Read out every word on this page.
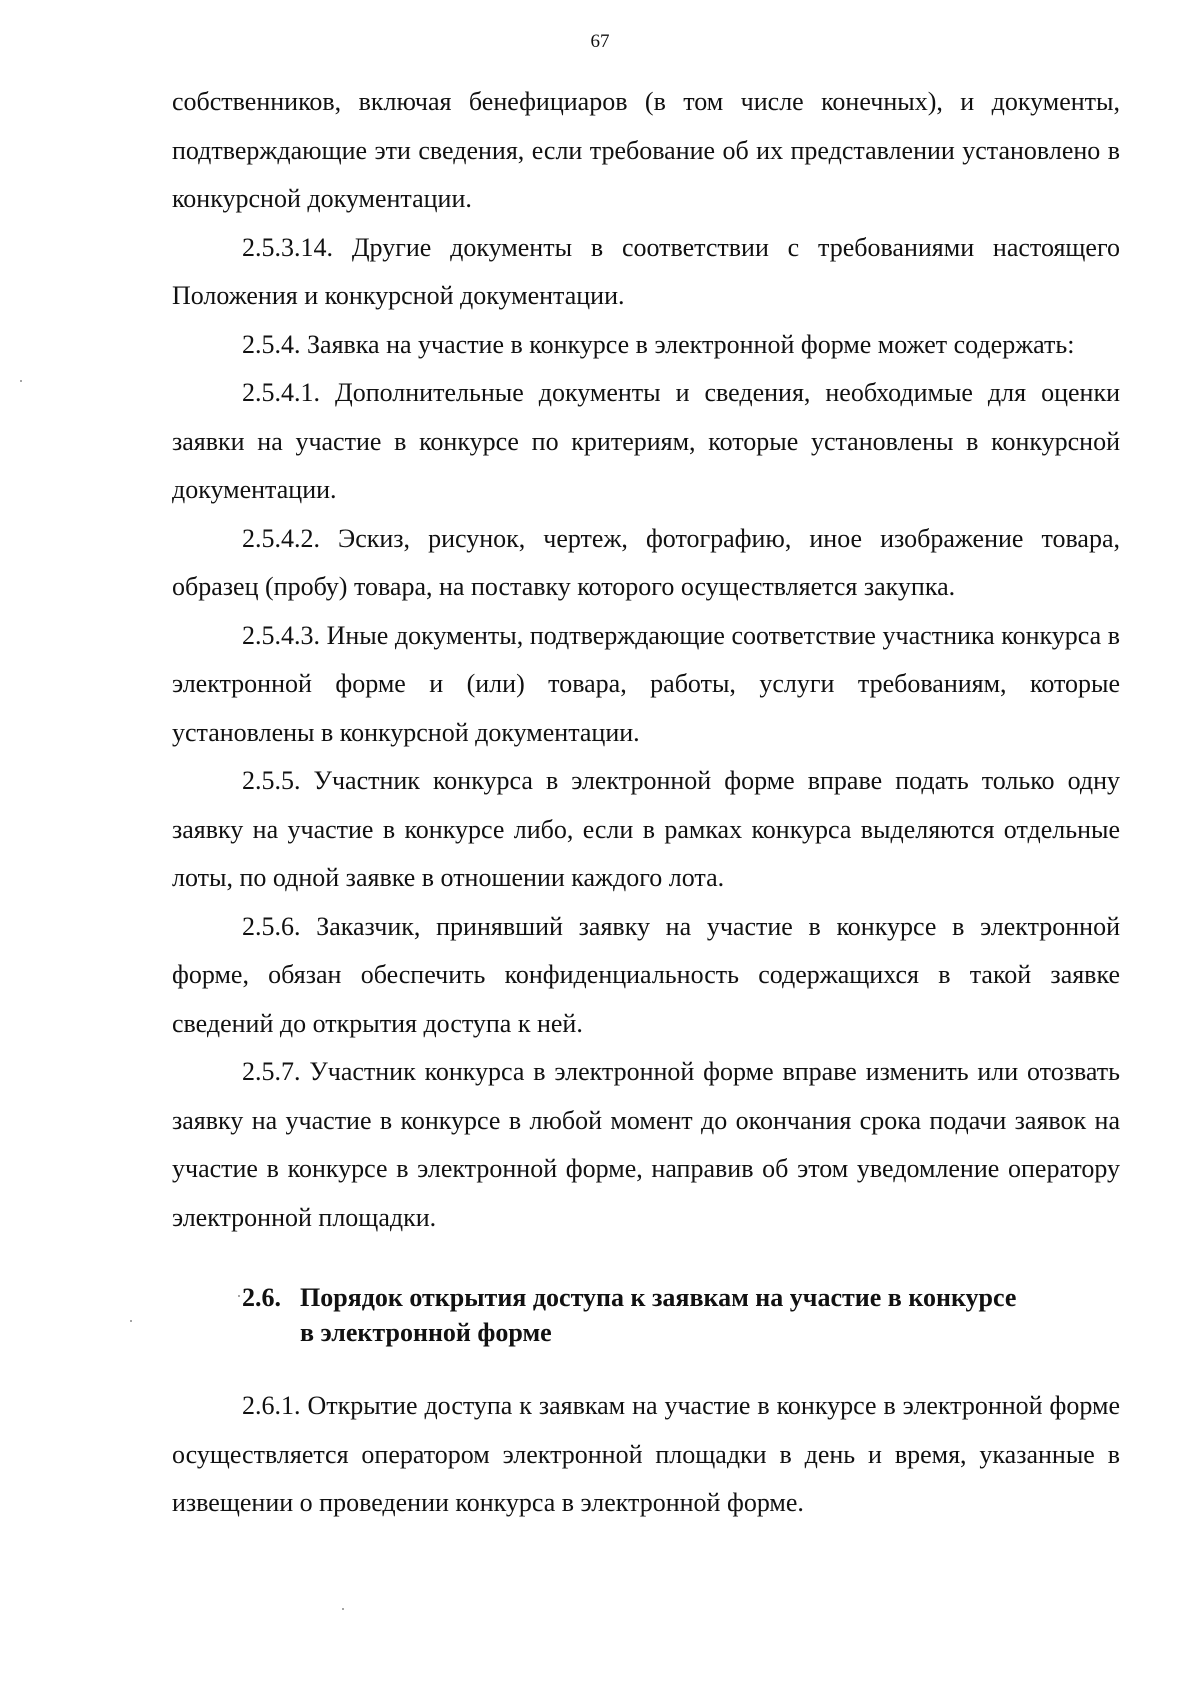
67

собственников, включая бенефициаров (в том числе конечных), и документы, подтверждающие эти сведения, если требование об их представлении установлено в конкурсной документации.

2.5.3.14. Другие документы в соответствии с требованиями настоящего Положения и конкурсной документации.

2.5.4. Заявка на участие в конкурсе в электронной форме может содержать:

2.5.4.1. Дополнительные документы и сведения, необходимые для оценки заявки на участие в конкурсе по критериям, которые установлены в конкурсной документации.

2.5.4.2. Эскиз, рисунок, чертеж, фотографию, иное изображение товара, образец (пробу) товара, на поставку которого осуществляется закупка.

2.5.4.3. Иные документы, подтверждающие соответствие участника конкурса в электронной форме и (или) товара, работы, услуги требованиям, которые установлены в конкурсной документации.

2.5.5. Участник конкурса в электронной форме вправе подать только одну заявку на участие в конкурсе либо, если в рамках конкурса выделяются отдельные лоты, по одной заявке в отношении каждого лота.

2.5.6. Заказчик, принявший заявку на участие в конкурсе в электронной форме, обязан обеспечить конфиденциальность содержащихся в такой заявке сведений до открытия доступа к ней.

2.5.7. Участник конкурса в электронной форме вправе изменить или отозвать заявку на участие в конкурсе в любой момент до окончания срока подачи заявок на участие в конкурсе в электронной форме, направив об этом уведомление оператору электронной площадки.

2.6. Порядок открытия доступа к заявкам на участие в конкурсе
в электронной форме

2.6.1. Открытие доступа к заявкам на участие в конкурсе в электронной форме осуществляется оператором электронной площадки в день и время, указанные в извещении о проведении конкурса в электронной форме.
